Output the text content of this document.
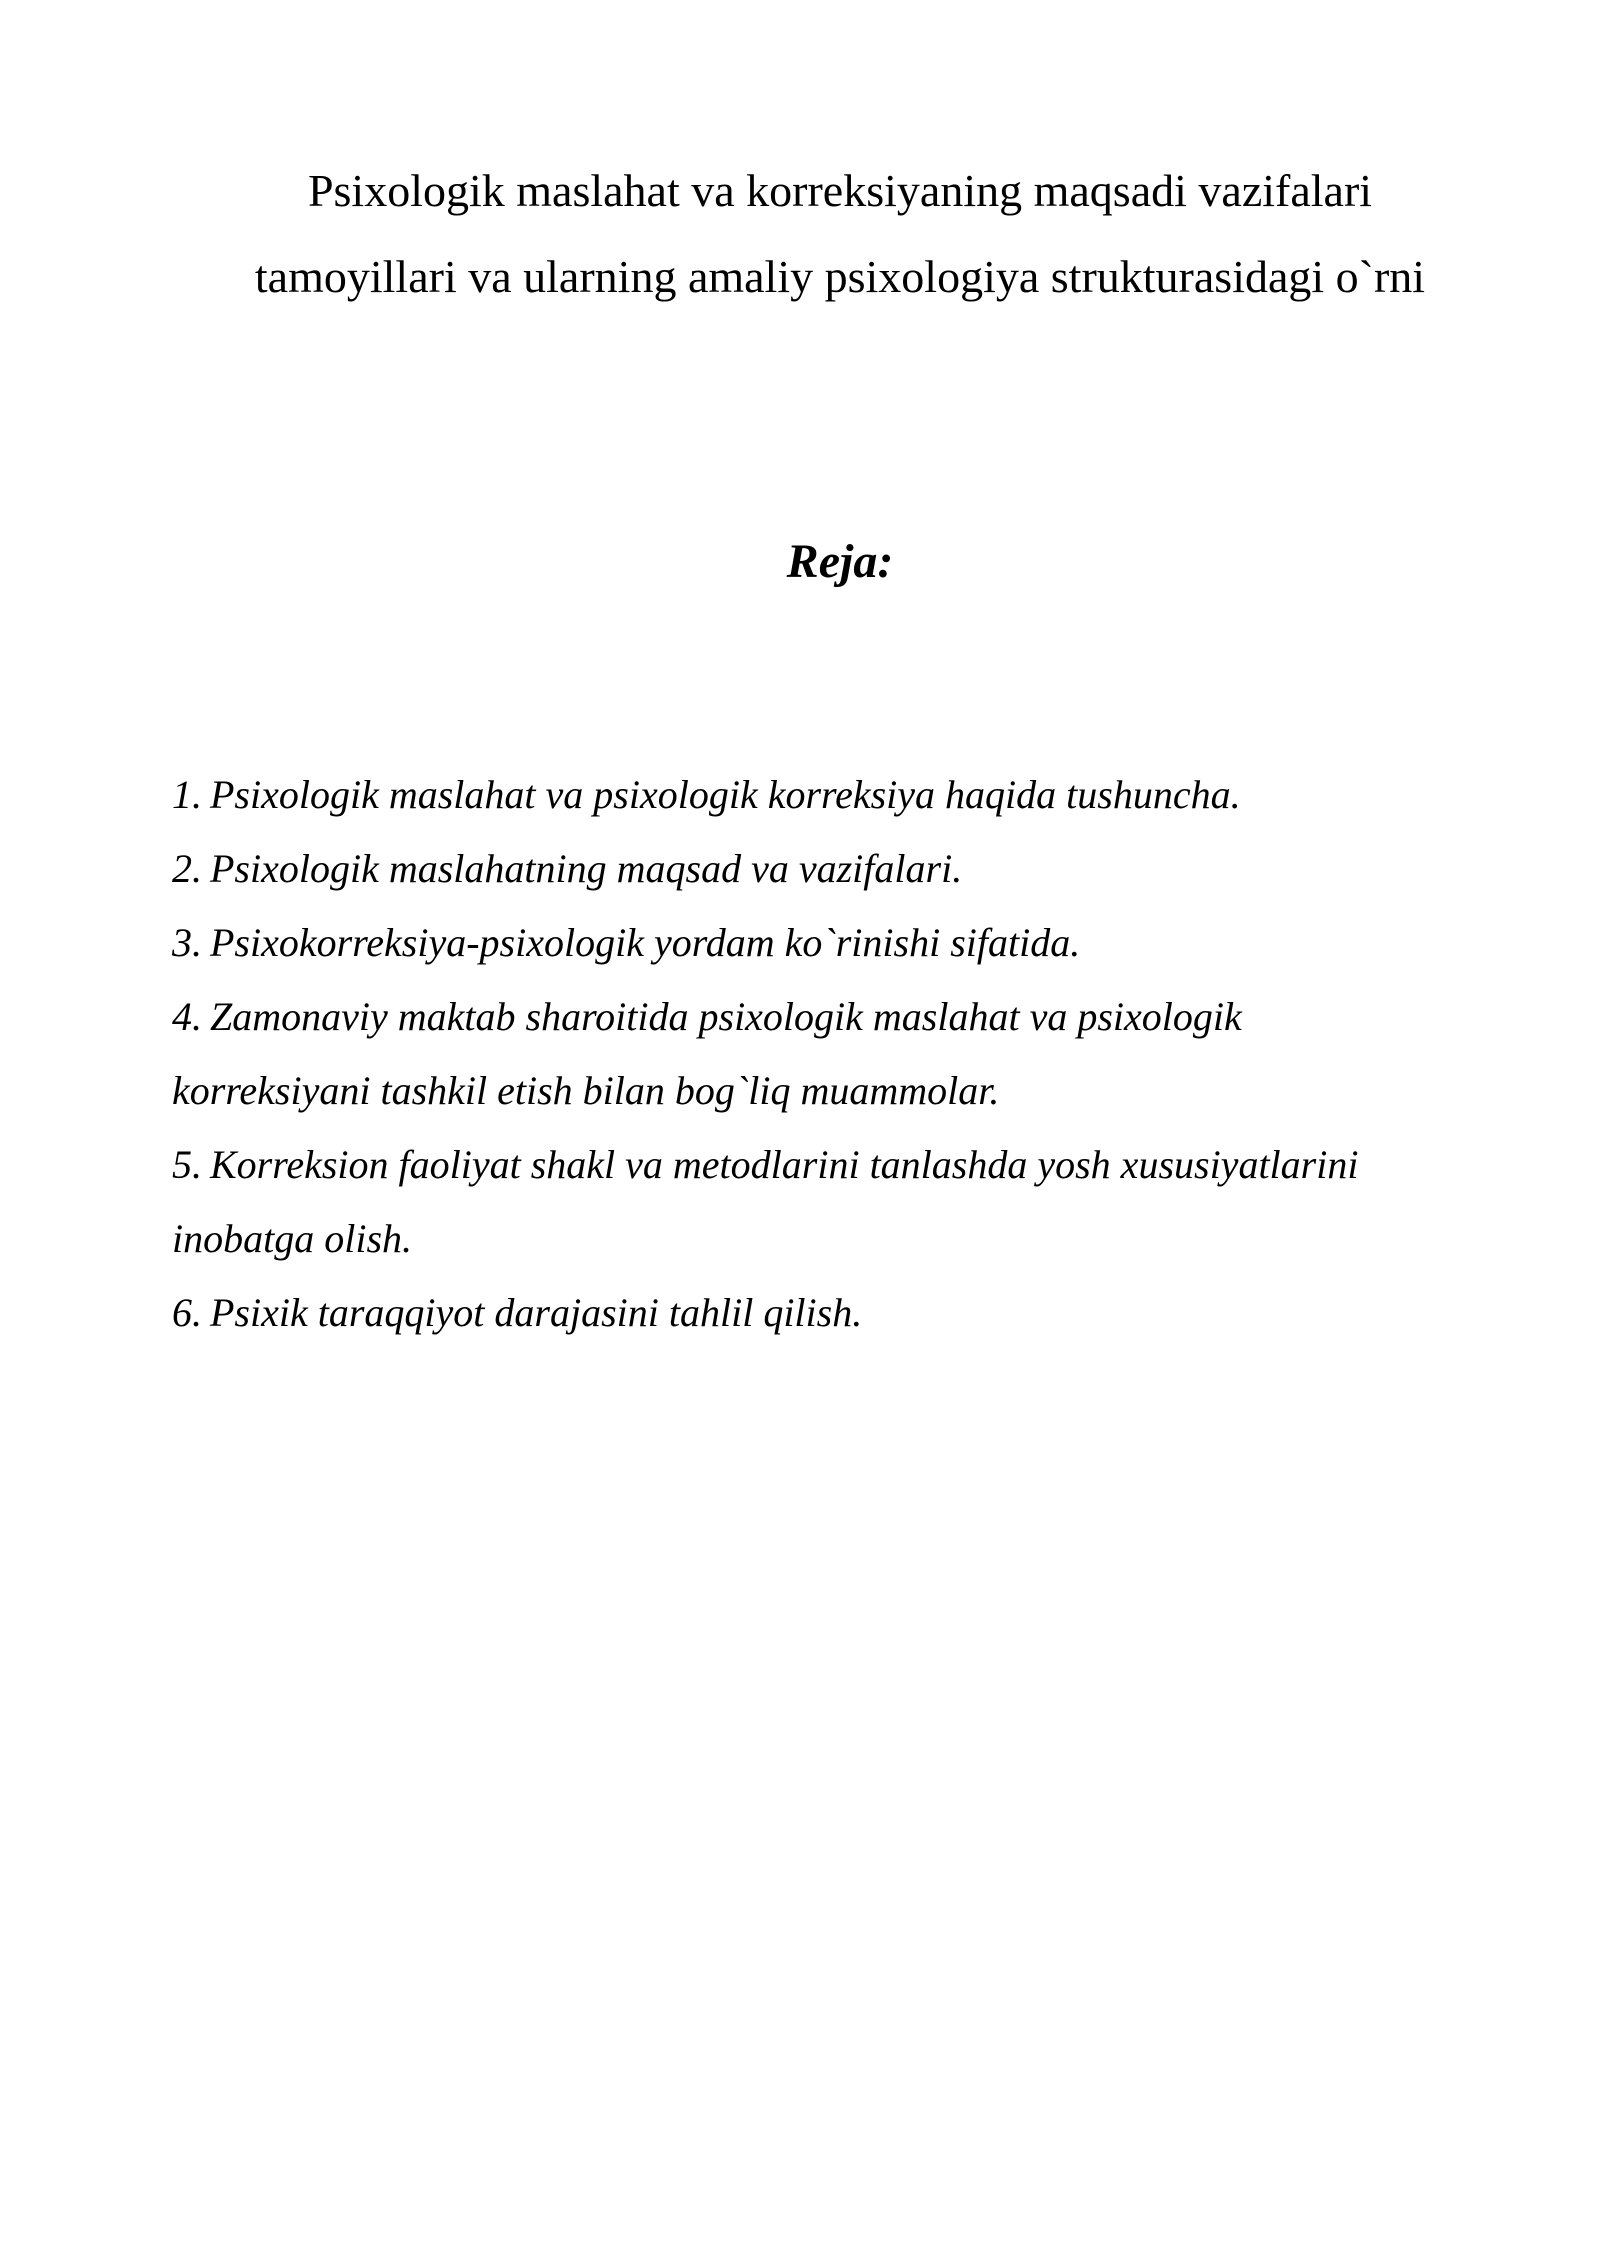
Psixologik maslahat va korreksiyaning maqsadi vazifalari
tamoyillari va ularning amaliy psixologiya strukturasidagi o`rni
Reja:
1. Psixologik maslahat va psixologik korreksiya haqida tushuncha.
2. Psixologik maslahatning maqsad va vazifalari.
3. Psixokorreksiya-psixologik yordam ko`rinishi sifatida.
4. Zamonaviy maktab sharoitida psixologik maslahat va psixologik
korreksiyani tashkil etish bilan bog`liq muammolar.
5. Korreksion faoliyat shakl va metodlarini tanlashda yosh xususiyatlarini
inobatga olish.
6. Psixik taraqqiyot darajasini tahlil qilish.
